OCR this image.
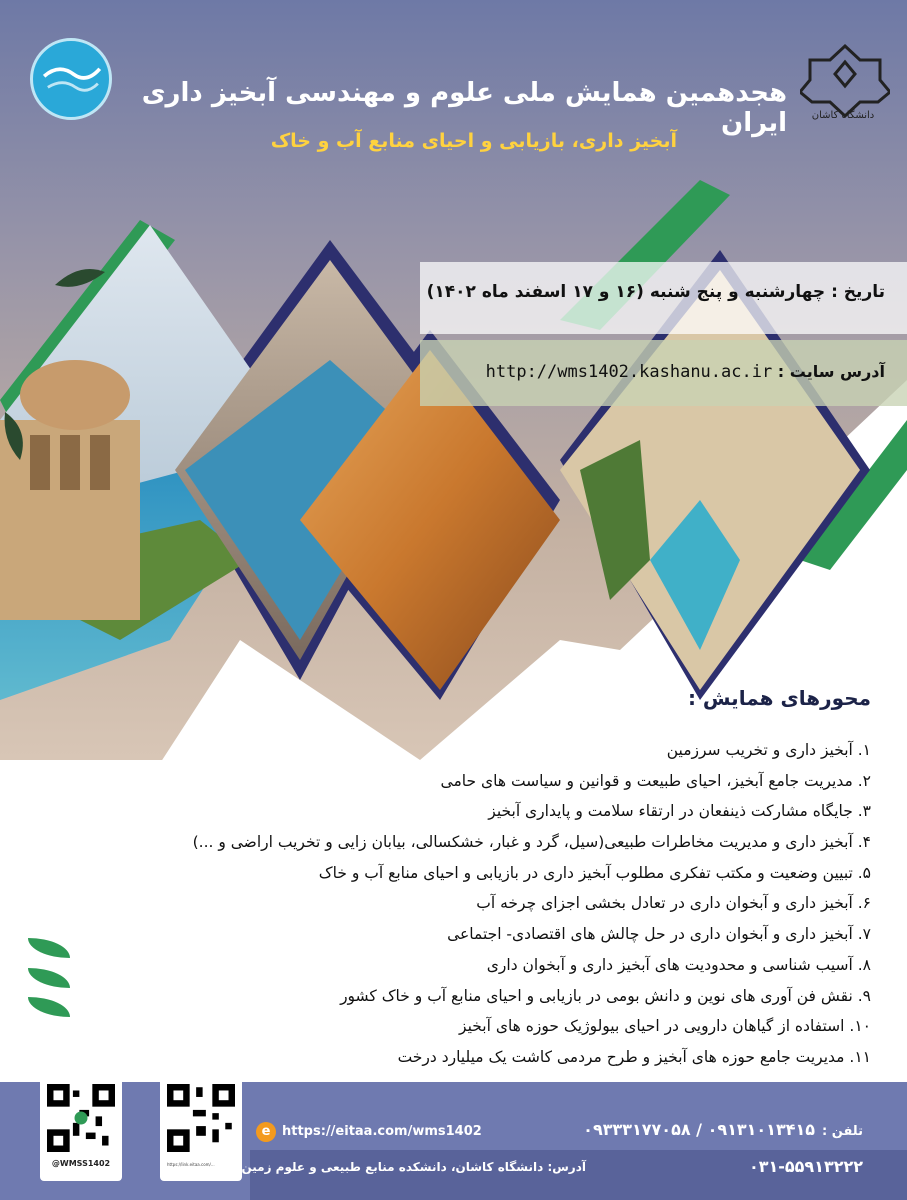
دانشگاه کاشان
هجدهمین همایش ملی علوم و مهندسی آبخیز داری ایران
آبخیز داری، بازیابی و احیای منابع آب و خاک
تاریخ : چهارشنبه و پنج شنبه (۱۶ و ۱۷ اسفند ماه ۱۴۰۲)
آدرس سایت : http://wms1402.kashanu.ac.ir
محورهای همایش :
۱. آبخیز داری و تخریب سرزمین
۲. مدیریت جامع آبخیز، احیای طبیعت و قوانین و سیاست های حامی
۳. جایگاه مشارکت ذینفعان در ارتقاء سلامت و پایداری آبخیز
۴. آبخیز داری و مدیریت مخاطرات طبیعی(سیل، گرد و غبار، خشکسالی، بیابان زایی و تخریب اراضی و ...)
۵. تبیین وضعیت و مکتب تفکری مطلوب آبخیز داری در بازیابی و احیای منابع آب و خاک
۶. آبخیز داری و آبخوان داری در تعادل بخشی اجزای چرخه آب
۷. آبخیز داری و آبخوان داری در حل چالش های اقتصادی- اجتماعی
۸. آسیب شناسی و محدودیت های آبخیز داری و آبخوان داری
۹. نقش فن آوری های نوین و دانش بومی در بازیابی و احیای منابع آب و خاک کشور
۱۰. استفاده از گیاهان دارویی در احیای بیولوژیک حوزه های آبخیز
۱۱. مدیریت جامع حوزه های آبخیز و طرح مردمی کاشت یک میلیارد درخت
@WMSS1402	https://link.eitaa.com/...
e https://eitaa.com/wms1402	تلفن :
۰۹۱۳۱۰۱۳۴۱۵ / ۰۹۳۳۳۱۷۷۰۵۸
۰۳۱-۵۵۹۱۳۲۲۲
آدرس: دانشگاه کاشان، دانشکده منابع طبیعی و علوم زمین
